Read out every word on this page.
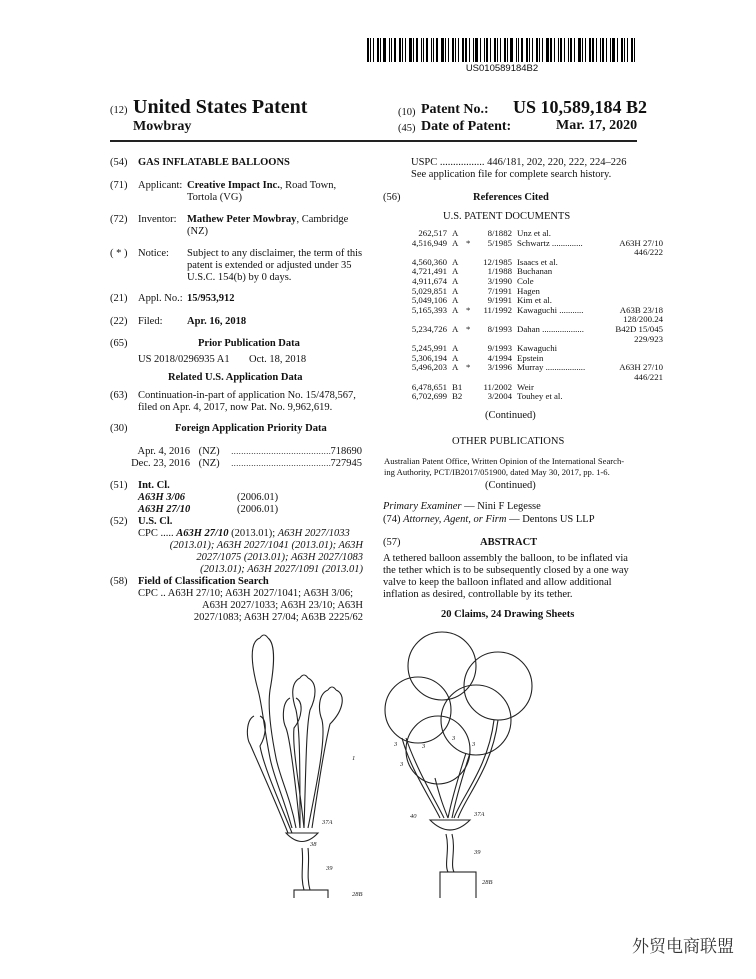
US010589184B2
(12) United States Patent
Mowbray
(10) Patent No.: US 10,589,184 B2
(45) Date of Patent:	Mar. 17, 2020
(54) GAS INFLATABLE BALLOONS
(71) Applicant: Creative Impact Inc., Road Town,
Tortola (VG)
(72) Inventor: Mathew Peter Mowbray, Cambridge
(NZ)
( * ) Notice: Subject to any disclaimer, the term of this
patent is extended or adjusted under 35
U.S.C. 154(b) by 0 days.
(21) Appl. No.: 15/953,912
(22) Filed: Apr. 16, 2018
(65)	Prior Publication Data
US 2018/0296935 A1 Oct. 18, 2018
Related U.S. Application Data
(63) Continuation-in-part of application No. 15/478,567,
filed on Apr. 4, 2017, now Pat. No. 9,962,619.
(30)	Foreign Application Priority Data
Apr. 4, 2016 (NZ) ........................................ 718690
Dec. 23, 2016 (NZ) ........................................ 727945
(51) Int. Cl.
A63H 3/06	(2006.01)
A63H 27/10	(2006.01)
(52) U.S. Cl.
CPC ..... A63H 27/10 (2013.01); A63H 2027/1033
(2013.01); A63H 2027/1041 (2013.01); A63H
2027/1075 (2013.01); A63H 2027/1083
(2013.01); A63H 2027/1091 (2013.01)
(58) Field of Classification Search
CPC .. A63H 27/10; A63H 2027/1041; A63H 3/06;
A63H 2027/1033; A63H 23/10; A63H
2027/1083; A63H 27/04; A63B 2225/62
USPC ................. 446/181, 202, 220, 222, 224–226
See application file for complete search history.
(56)	References Cited
U.S. PATENT DOCUMENTS
262,517	A		8/1882	Unz et al.	
4,516,949	A	*	5/1985	Schwartz ..............	A63H 27/10
446/222					
4,560,360	A		12/1985	Isaacs et al.	
4,721,491	A		1/1988	Buchanan	
4,911,674	A		3/1990	Cole	
5,029,851	A		7/1991	Hagen	
5,049,106	A		9/1991	Kim et al.	
5,165,393	A	*	11/1992	Kawaguchi ...........	A63B 23/18
128/200.24					
5,234,726	A	*	8/1993	Dahan ...................	B42D 15/045
229/923					
5,245,991	A		9/1993	Kawaguchi	
5,306,194	A		4/1994	Epstein	
5,496,203	A	*	3/1996	Murray ..................	A63H 27/10
446/221					
6,478,651	B1		11/2002	Weir	
6,702,699	B2		3/2004	Touhey et al.	
(Continued)
OTHER PUBLICATIONS
Australian Patent Office, Written Opinion of the International Search-
ing Authority, PCT/IB2017/051900, dated May 30, 2017, pp. 1-6.
(Continued)
Primary Examiner — Nini F Legesse
(74) Attorney, Agent, or Firm — Dentons US LLP
(57)	ABSTRACT
A tethered balloon assembly the balloon, to be inflated via
the tether which is to be subsequently closed by a one way
valve to keep the balloon inflated and allow additional
inflation as desired, controllable by its tether.
20 Claims, 24 Drawing Sheets
1
37A
38
39
28B
3	3
3
3
3
37A
40
39
28B
外贸电商联盟
